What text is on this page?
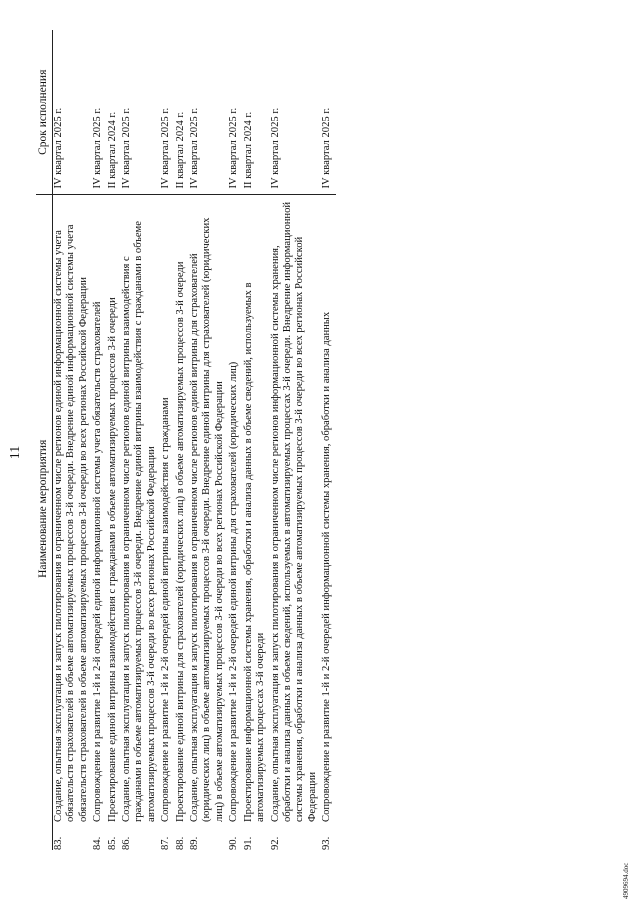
11
	Наименование мероприятия	Срок исполнения
83.	Создание, опытная эксплуатация и запуск пилотирования в ограниченном числе регионов единой информационной системы учета обязательств страхователей в объеме автоматизируемых процессов 3-й очереди. Внедрение единой информационной системы учета обязательств страхователей в объеме автоматизируемых процессов 3-й очереди во всех регионах Российской Федерации	IV квартал 2025 г.
84.	Сопровождение и развитие 1-й и 2-й очередей единой информационной системы учета обязательств страхователей	IV квартал 2025 г.
85.	Проектирование единой витрины взаимодействия с гражданами в объеме автоматизируемых процессов 3-й очереди	II квартал 2024 г.
86.	Создание, опытная эксплуатация и запуск пилотирования в ограниченном числе регионов единой витрины взаимодействия с гражданами в объеме автоматизируемых процессов 3-й очереди. Внедрение единой витрины взаимодействия с гражданами в объеме автоматизируемых процессов 3-й очереди во всех регионах Российской Федерации	IV квартал 2025 г.
87.	Сопровождение и развитие 1-й и 2-й очередей единой витрины взаимодействия с гражданами	IV квартал 2025 г.
88.	Проектирование единой витрины для страхователей (юридических лиц) в объеме автоматизируемых процессов 3-й очереди	II квартал 2024 г.
89.	Создание, опытная эксплуатация и запуск пилотирования в ограниченном числе регионов единой витрины для страхователей (юридических лиц) в объеме автоматизируемых процессов 3-й очереди. Внедрение единой витрины для страхователей (юридических лиц) в объеме автоматизируемых процессов 3-й очереди во всех регионах Российской Федерации	IV квартал 2025 г.
90.	Сопровождение и развитие 1-й и 2-й очередей единой витрины для страхователей (юридических лиц)	IV квартал 2025 г.
91.	Проектирование информационной системы хранения, обработки и анализа данных в объеме сведений, используемых в автоматизируемых процессах 3-й очереди	II квартал 2024 г.
92.	Создание, опытная эксплуатация и запуск пилотирования в ограниченном числе регионов информационной системы хранения, обработки и анализа данных в объеме сведений, используемых в автоматизируемых процессах 3-й очереди. Внедрение информационной системы хранения, обработки и анализа данных в объеме автоматизируемых процессов 3-й очереди во всех регионах Российской Федерации	IV квартал 2025 г.
93.	Сопровождение и развитие 1-й и 2-й очередей информационной системы хранения, обработки и анализа данных	IV квартал 2025 г.
4909694.doc
